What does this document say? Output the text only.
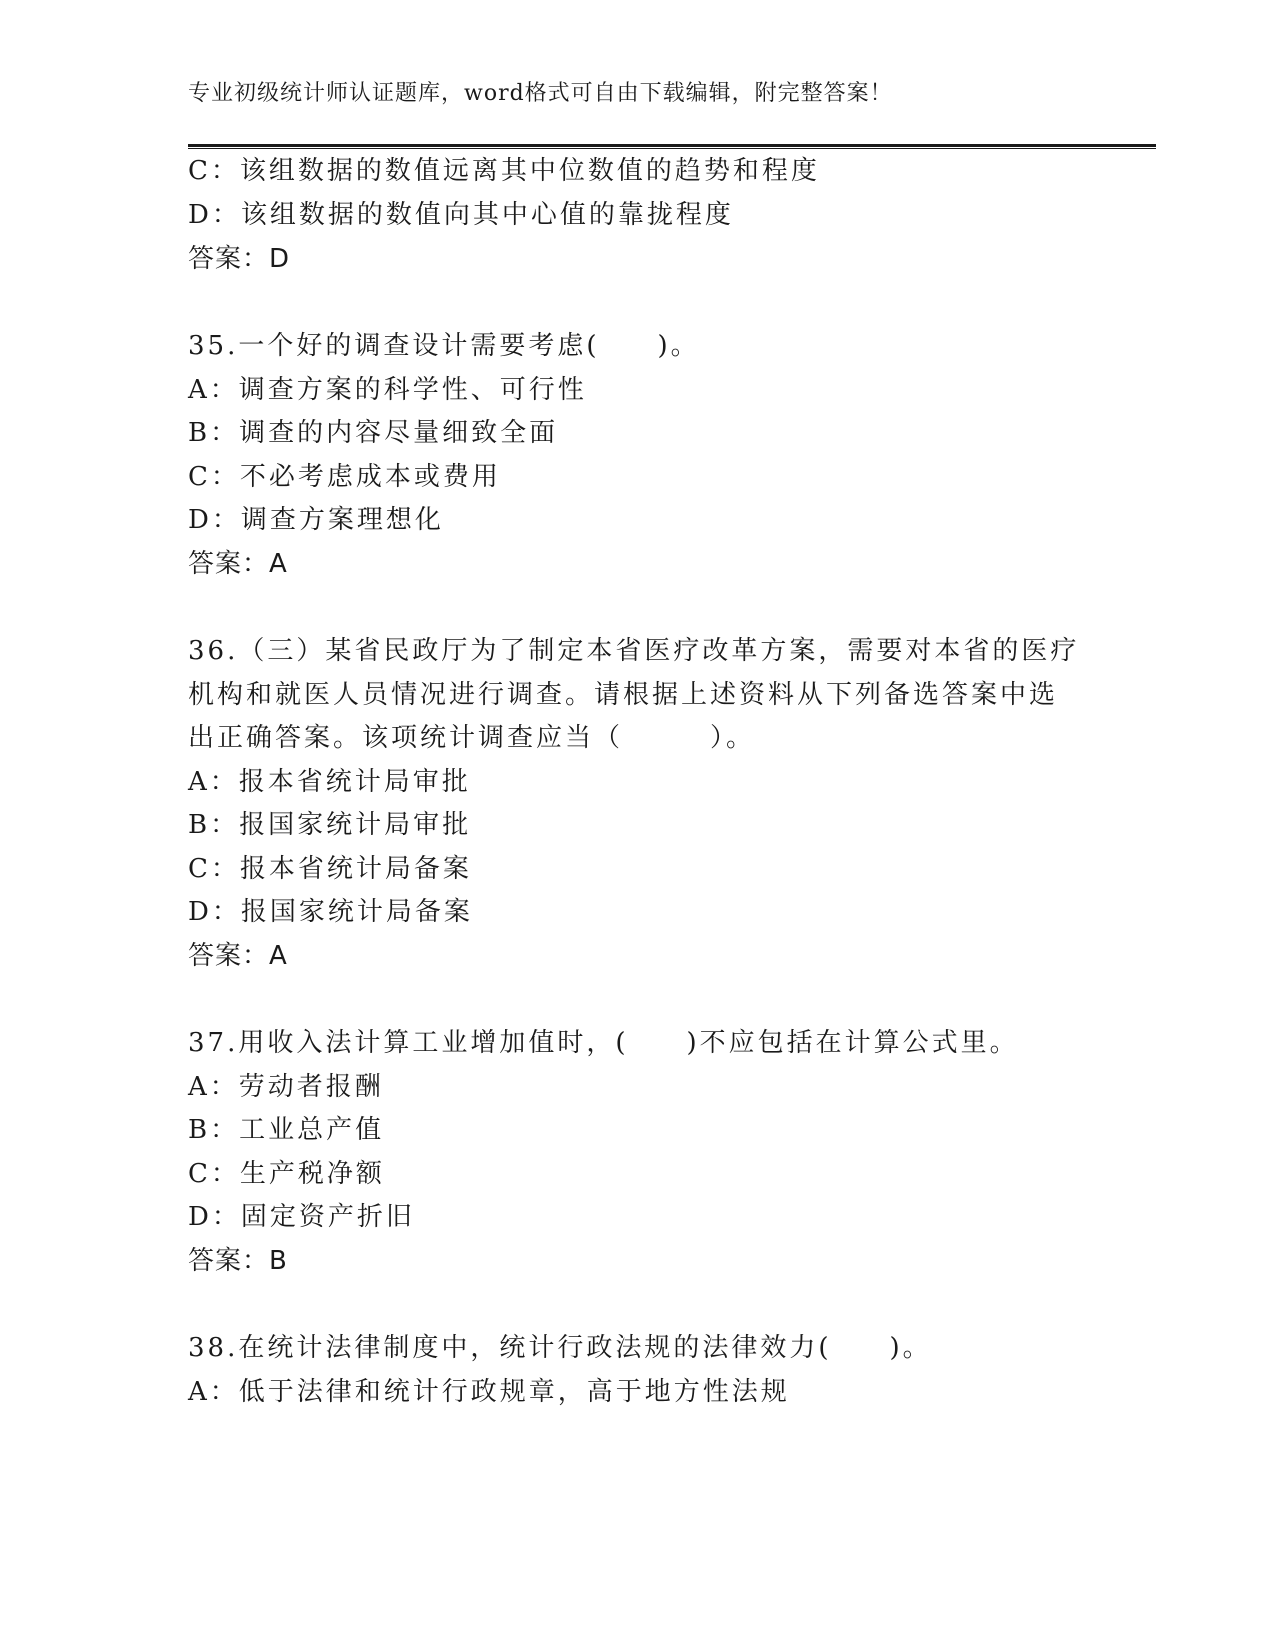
专业初级统计师认证题库，word格式可自由下载编辑，附完整答案！
C：该组数据的数值远离其中位数值的趋势和程度
D：该组数据的数值向其中心值的靠拢程度
答案：D
35.一个好的调查设计需要考虑(　　)。
A：调查方案的科学性、可行性
B：调查的内容尽量细致全面
C：不必考虑成本或费用
D：调查方案理想化
答案：A
36.（三）某省民政厅为了制定本省医疗改革方案，需要对本省的医疗
机构和就医人员情况进行调查。请根据上述资料从下列备选答案中选
出正确答案。该项统计调查应当（　　　）。
A：报本省统计局审批
B：报国家统计局审批
C：报本省统计局备案
D：报国家统计局备案
答案：A
37.用收入法计算工业增加值时，(　　)不应包括在计算公式里。
A：劳动者报酬
B：工业总产值
C：生产税净额
D：固定资产折旧
答案：B
38.在统计法律制度中，统计行政法规的法律效力(　　)。
A：低于法律和统计行政规章，高于地方性法规
